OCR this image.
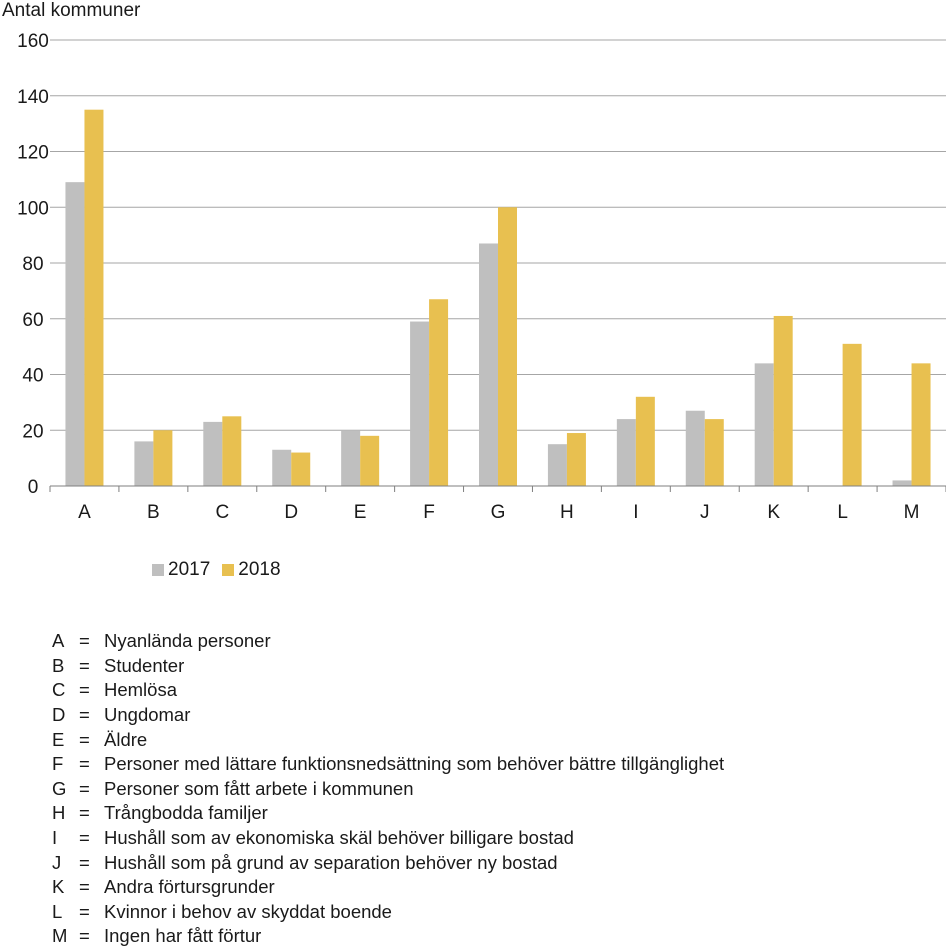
Antal kommuner
0
20
40
60
80
100
120
140
160
A	B	C	D	E	F	G	H	I	J	K	L	M
2017 2018
A = Nyanlända personer
B = Studenter
C = Hemlösa
D = Ungdomar
E = Äldre
F = Personer med lättare funktionsnedsättning som behöver bättre tillgänglighet
G = Personer som fått arbete i kommunen
H = Trångbodda familjer
I	= Hushåll som av ekonomiska skäl behöver billigare bostad
J = Hushåll som på grund av separation behöver ny bostad
K = Andra förtursgrunder
L = Kvinnor i behov av skyddat boende
M = Ingen har fått förtur
